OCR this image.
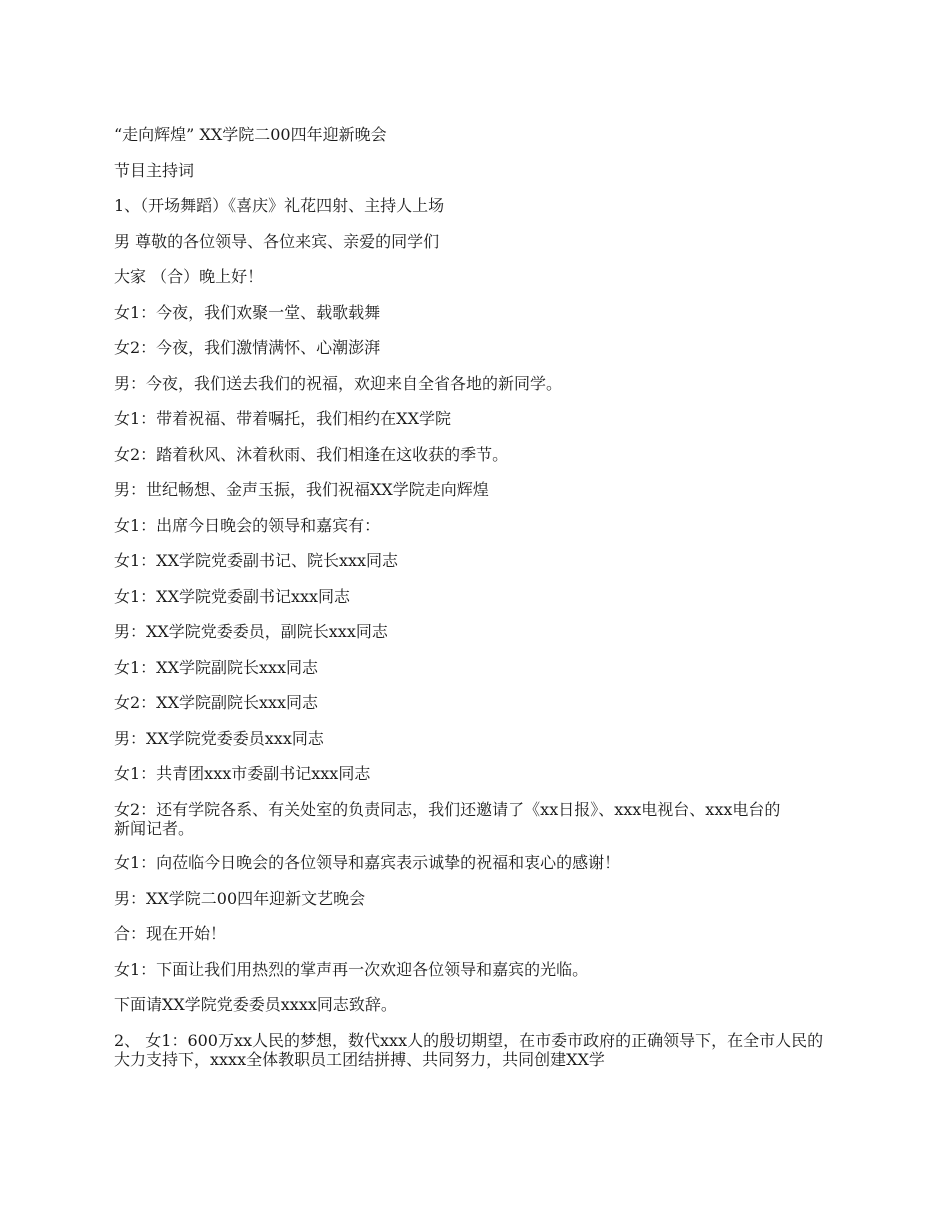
“走向辉煌” XX学院二00四年迎新晚会

节目主持词

1、（开场舞蹈）《喜庆》礼花四射、主持人上场

男 尊敬的各位领导、各位来宾、亲爱的同学们

大家 （合）晚上好！

女1：今夜，我们欢聚一堂、载歌载舞

女2：今夜，我们激情满怀、心潮澎湃

男：今夜，我们送去我们的祝福，欢迎来自全省各地的新同学。

女1：带着祝福、带着嘱托，我们相约在XX学院

女2：踏着秋风、沐着秋雨、我们相逢在这收获的季节。

男：世纪畅想、金声玉振，我们祝福XX学院走向辉煌

女1：出席今日晚会的领导和嘉宾有：

女1：XX学院党委副书记、院长xxx同志

女1：XX学院党委副书记xxx同志

男：XX学院党委委员，副院长xxx同志

女1：XX学院副院长xxx同志

女2：XX学院副院长xxx同志

男：XX学院党委委员xxx同志

女1：共青团xxx市委副书记xxx同志

女2：还有学院各系、有关处室的负责同志，我们还邀请了《xx日报》、xxx电视台、xxx电台的新闻记者。

女1：向莅临今日晚会的各位领导和嘉宾表示诚挚的祝福和衷心的感谢！

男：XX学院二00四年迎新文艺晚会

合：现在开始！

女1：下面让我们用热烈的掌声再一次欢迎各位领导和嘉宾的光临。

下面请XX学院党委委员xxxx同志致辞。

2、 女1：600万xx人民的梦想，数代xxx人的殷切期望，在市委市政府的正确领导下，在全市人民的大力支持下，xxxx全体教职员工团结拼搏、共同努力，共同创建XX学
